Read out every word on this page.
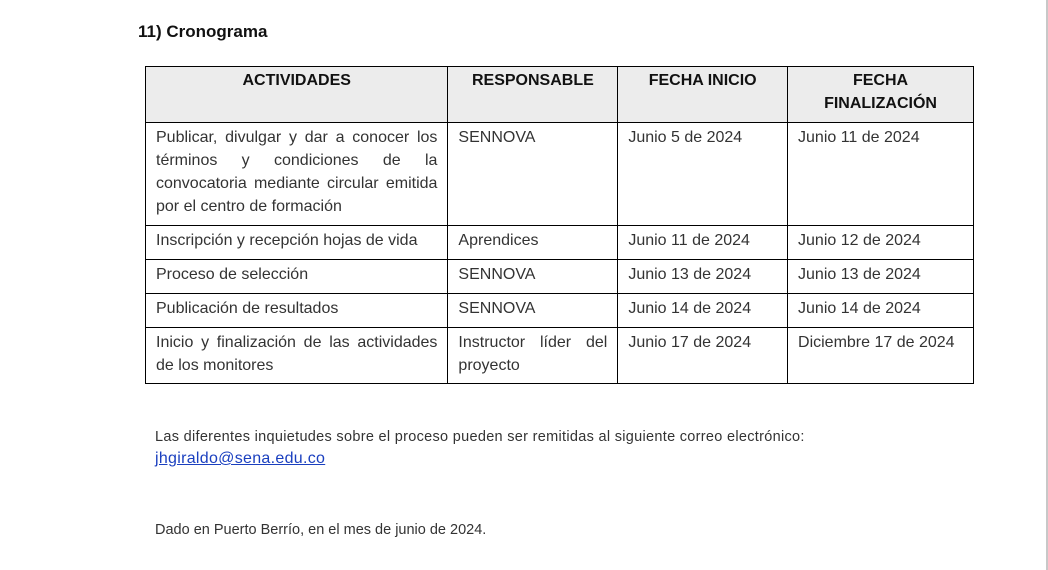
11) Cronograma
ACTIVIDADES	RESPONSABLE	FECHA INICIO	FECHA FINALIZACIÓN
Publicar, divulgar y dar a conocer los términos y condiciones de la convocatoria mediante circular emitida por el centro de formación	SENNOVA	Junio 5 de 2024	Junio 11 de 2024
Inscripción y recepción hojas de vida	Aprendices	Junio 11 de 2024	Junio 12 de 2024
Proceso de selección	SENNOVA	Junio 13 de 2024	Junio 13 de 2024
Publicación de resultados	SENNOVA	Junio 14 de 2024	Junio 14 de 2024
Inicio y finalización de las actividades de los monitores	Instructor líder del proyecto	Junio 17 de 2024	Diciembre 17 de 2024
Las diferentes inquietudes sobre el proceso pueden ser remitidas al siguiente correo electrónico:
jhgiraldo@sena.edu.co
Dado en Puerto Berrío, en el mes de junio de 2024.
